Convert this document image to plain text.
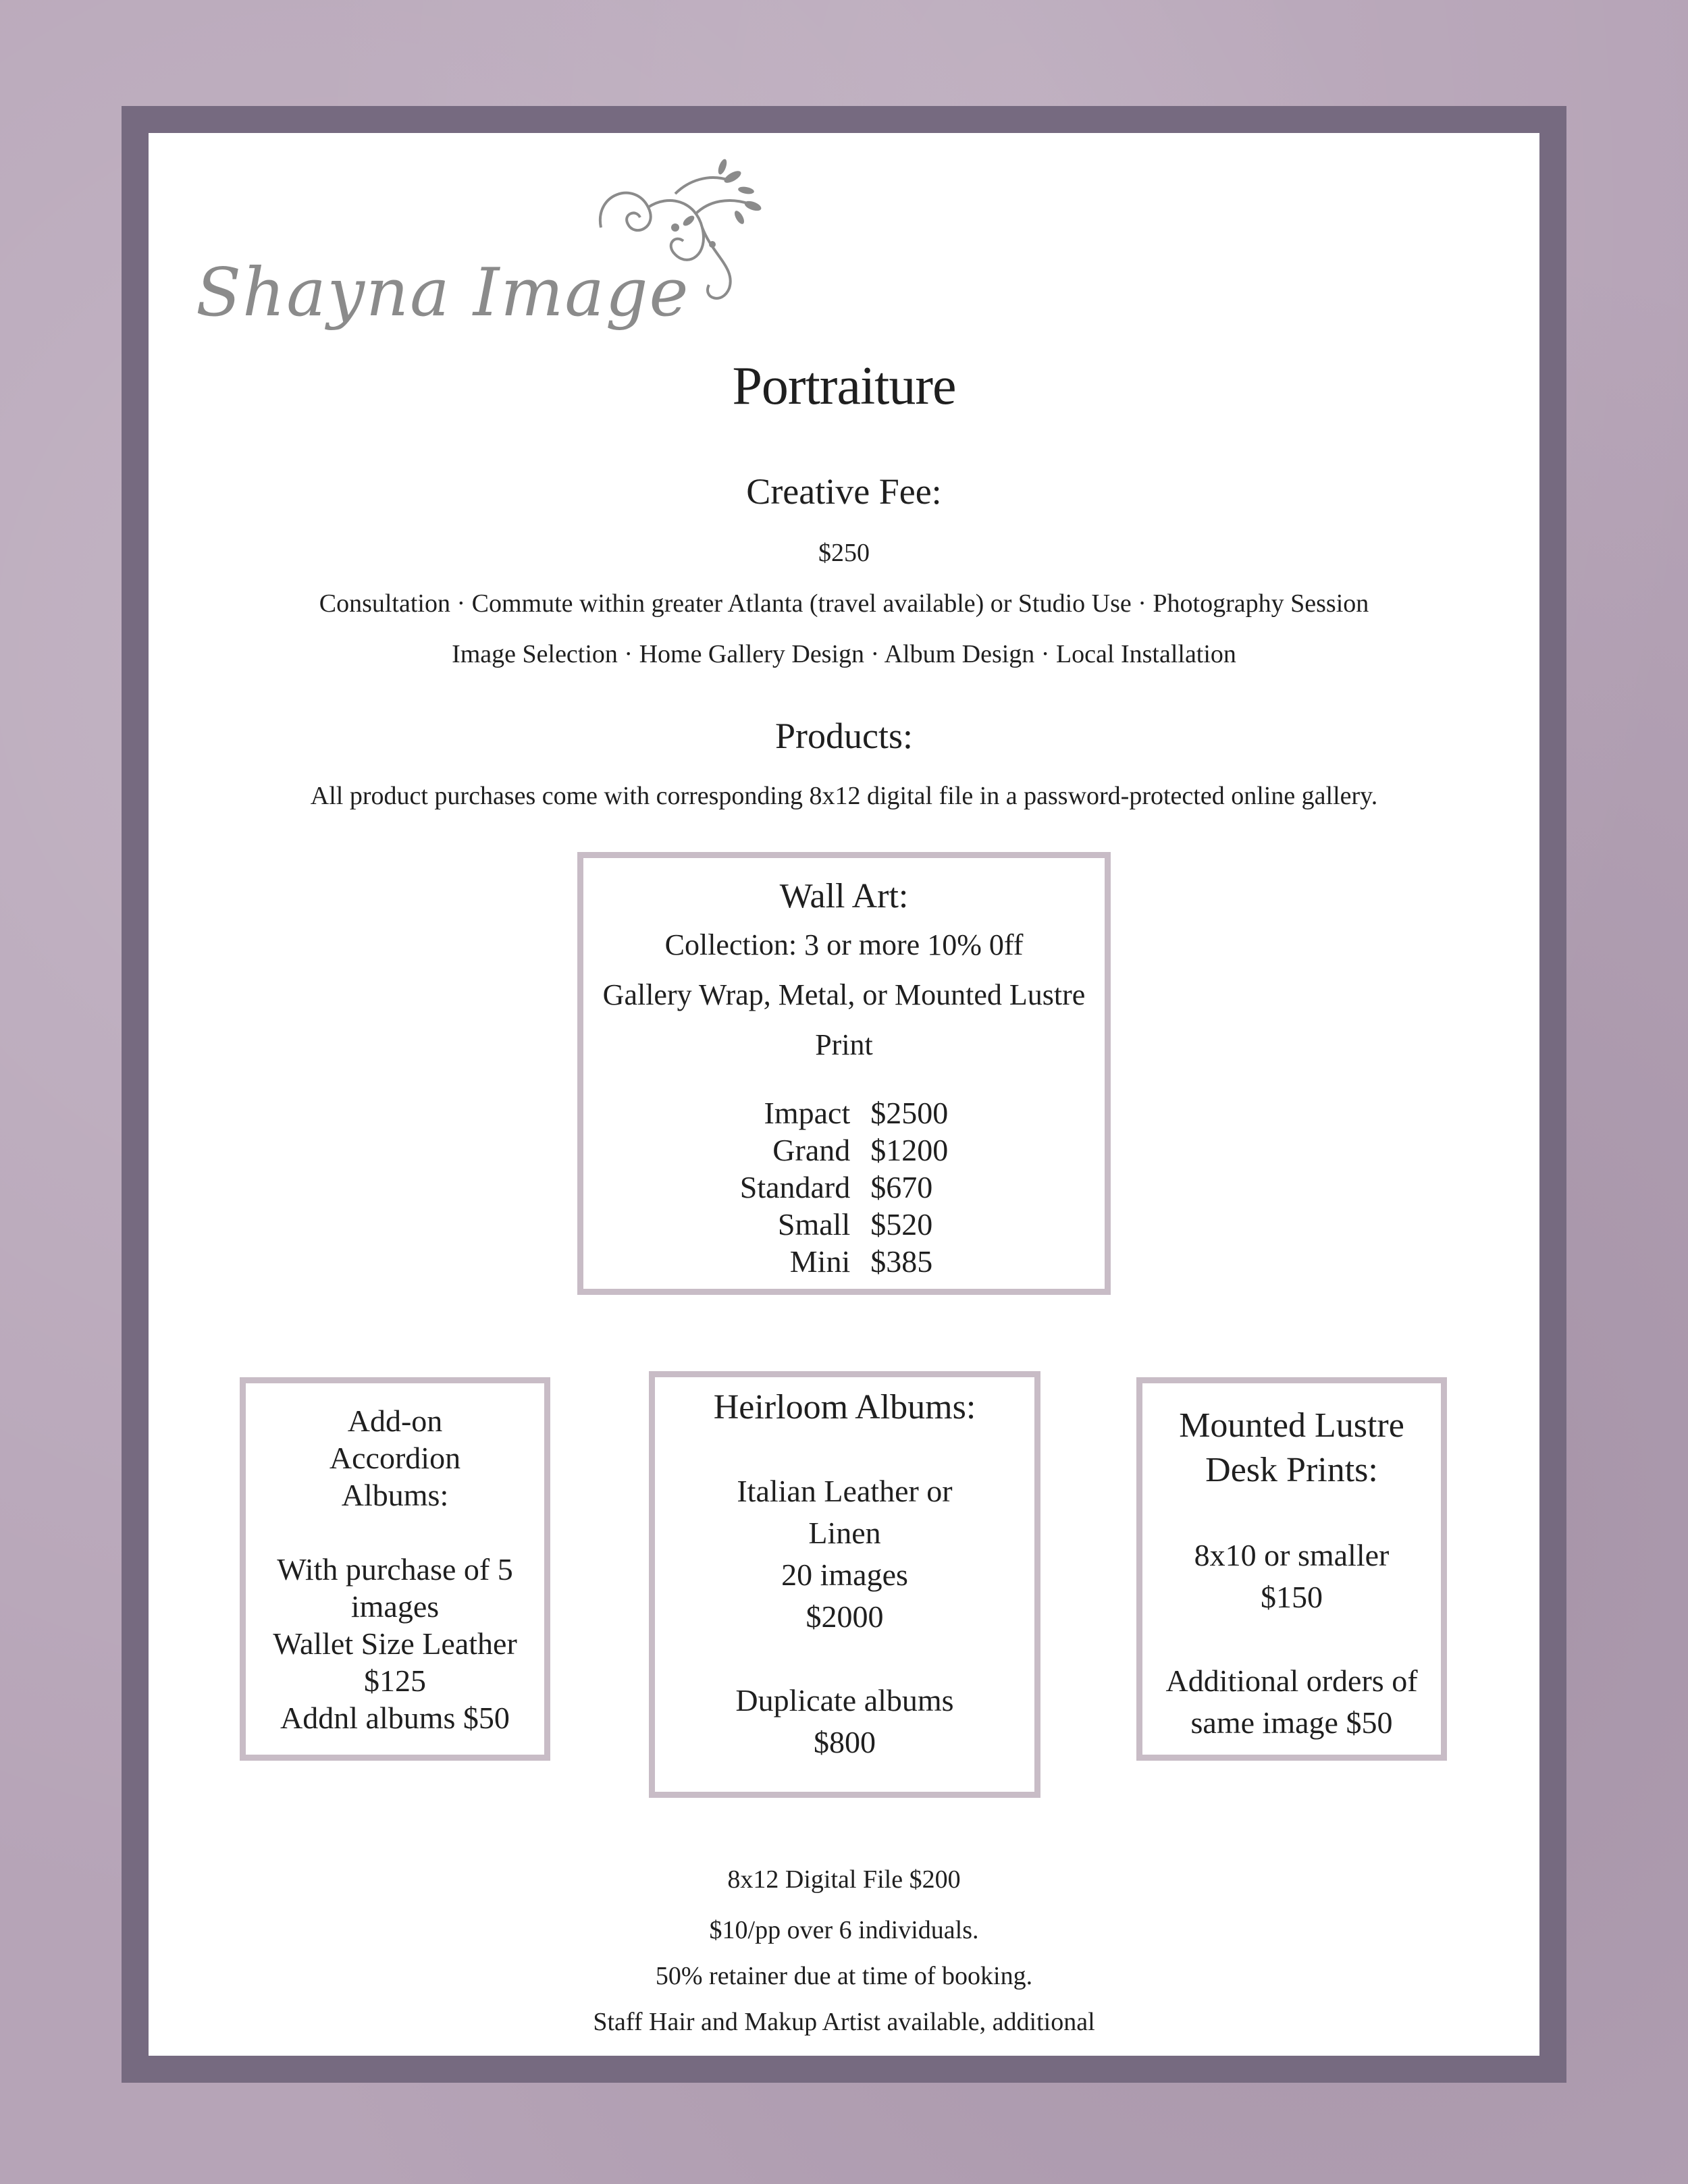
Shayna Image
Portraiture
Creative Fee:
$250
Consultation · Commute within greater Atlanta (travel available) or Studio Use · Photography Session
Image Selection · Home Gallery Design · Album Design · Local Installation
Products:
All product purchases come with corresponding 8x12 digital file in a password-protected online gallery.
Wall Art:
Collection: 3 or more 10% 0ff
Gallery Wrap, Metal, or Mounted Lustre Print
Impact	$2500
Grand	$1200
Standard	$670
Small	$520
Mini	$385
Add-on
Accordion
Albums:
With purchase of 5
images
Wallet Size Leather
$125
Addnl albums $50
Heirloom Albums:
Italian Leather or
Linen
20 images
$2000
Duplicate albums
$800
Mounted Lustre
Desk Prints:
8x10 or smaller
$150
Additional orders of
same image $50
8x12 Digital File $200
$10/pp over 6 individuals.
50% retainer due at time of booking.
Staff Hair and Makup Artist available, additional
